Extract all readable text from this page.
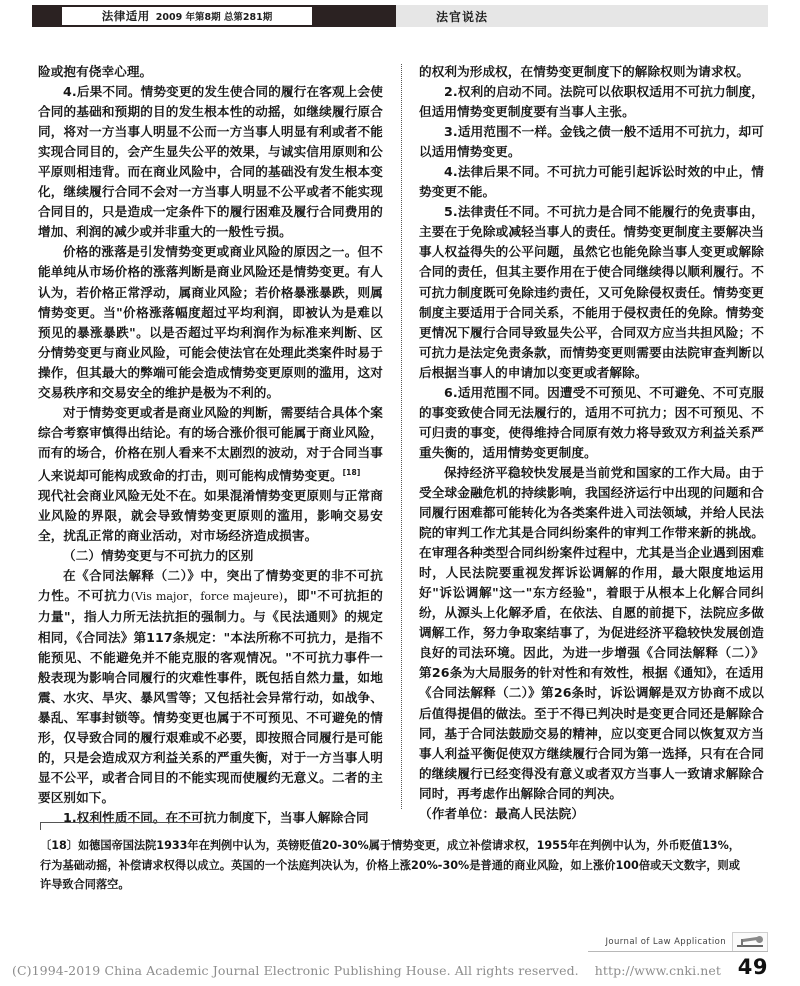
法律适用 2009 年第8期 总第281期	法官说法

险或抱有侥幸心理。

4.后果不同。情势变更的发生使合同的履行在客观上会使合同的基础和预期的目的发生根本性的动摇，如继续履行原合同，将对一方当事人明显不公而一方当事人明显有利或者不能实现合同目的，会产生显失公平的效果，与诚实信用原则和公平原则相违背。而在商业风险中，合同的基础没有发生根本变化，继续履行合同不会对一方当事人明显不公平或者不能实现合同目的，只是造成一定条件下的履行困难及履行合同费用的增加、利润的减少或并非重大的一般性亏损。

价格的涨落是引发情势变更或商业风险的原因之一。但不能单纯从市场价格的涨落判断是商业风险还是情势变更。有人认为，若价格正常浮动，属商业风险；若价格暴涨暴跌，则属情势变更。当"价格涨落幅度超过平均利润，即被认为是难以预见的暴涨暴跌"。以是否超过平均利润作为标准来判断、区分情势变更与商业风险，可能会使法官在处理此类案件时易于操作，但其最大的弊端可能会造成情势变更原则的滥用，这对交易秩序和交易安全的维护是极为不利的。

对于情势变更或者是商业风险的判断，需要结合具体个案综合考察审慎得出结论。有的场合涨价很可能属于商业风险，而有的场合，价格在别人看来不太剧烈的波动，对于合同当事人来说却可能构成致命的打击，则可能构成情势变更。[18]

现代社会商业风险无处不在。如果混淆情势变更原则与正常商业风险的界限，就会导致情势变更原则的滥用，影响交易安全，扰乱正常的商业活动，对市场经济造成损害。

（二）情势变更与不可抗力的区别

在《合同法解释（二）》中，突出了情势变更的非不可抗力性。不可抗力(Vis major，force majeure)，即"不可抗拒的力量"，指人力所无法抗拒的强制力。与《民法通则》的规定相同，《合同法》第117条规定："本法所称不可抗力，是指不能预见、不能避免并不能克服的客观情况。"不可抗力事件一般表现为影响合同履行的灾难性事件，既包括自然力量，如地震、水灾、旱灾、暴风雪等；又包括社会异常行动，如战争、暴乱、军事封锁等。情势变更也属于不可预见、不可避免的情形，仅导致合同的履行艰难或不必要，即按照合同履行是可能的，只是会造成双方利益关系的严重失衡，对于一方当事人明显不公平，或者合同目的不能实现而使履约无意义。二者的主要区别如下。

1.权利性质不同。在不可抗力制度下，当事人解除合同

的权利为形成权，在情势变更制度下的解除权则为请求权。

2.权利的启动不同。法院可以依职权适用不可抗力制度，但适用情势变更制度要有当事人主张。

3.适用范围不一样。金钱之债一般不适用不可抗力，却可以适用情势变更。

4.法律后果不同。不可抗力可能引起诉讼时效的中止，情势变更不能。

5.法律责任不同。不可抗力是合同不能履行的免责事由，主要在于免除或减轻当事人的责任。情势变更制度主要解决当事人权益得失的公平问题，虽然它也能免除当事人变更或解除合同的责任，但其主要作用在于使合同继续得以顺利履行。不可抗力制度既可免除违约责任，又可免除侵权责任。情势变更制度主要适用于合同关系，不能用于侵权责任的免除。情势变更情况下履行合同导致显失公平，合同双方应当共担风险；不可抗力是法定免责条款，而情势变更则需要由法院审查判断以后根据当事人的申请加以变更或者解除。

6.适用范围不同。因遭受不可预见、不可避免、不可克服的事变致使合同无法履行的，适用不可抗力；因不可预见、不可归责的事变，使得维持合同原有效力将导致双方利益关系严重失衡的，适用情势变更制度。

保持经济平稳较快发展是当前党和国家的工作大局。由于受全球金融危机的持续影响，我国经济运行中出现的问题和合同履行困难都可能转化为各类案件进入司法领域，并给人民法院的审判工作尤其是合同纠纷案件的审判工作带来新的挑战。在审理各种类型合同纠纷案件过程中，尤其是当企业遇到困难时，人民法院要重视发挥诉讼调解的作用，最大限度地运用好"诉讼调解"这一"东方经验"，着眼于从根本上化解合同纠纷，从源头上化解矛盾，在依法、自愿的前提下，法院应多做调解工作，努力争取案结事了，为促进经济平稳较快发展创造良好的司法环境。因此，为进一步增强《合同法解释（二）》第26条为大局服务的针对性和有效性，根据《通知》，在适用《合同法解释（二）》第26条时，诉讼调解是双方协商不成以后值得提倡的做法。至于不得已判决时是变更合同还是解除合同，基于合同法鼓励交易的精神，应以变更合同以恢复双方当事人利益平衡促使双方继续履行合同为第一选择，只有在合同的继续履行已经变得没有意义或者双方当事人一致请求解除合同时，再考虑作出解除合同的判决。

（作者单位：最高人民法院）

〔18〕如德国帝国法院1933年在判例中认为，英镑贬值20-30%属于情势变更，成立补偿请求权，1955年在判例中认为，外币贬值13%，行为基础动摇，补偿请求权得以成立。英国的一个法庭判决认为，价格上涨20%-30%是普通的商业风险，如上涨价100倍或天文数字，则或许导致合同落空。

Journal of Law Application
49
(C)1994-2019 China Academic Journal Electronic Publishing House. All rights reserved. http://www.cnki.net
